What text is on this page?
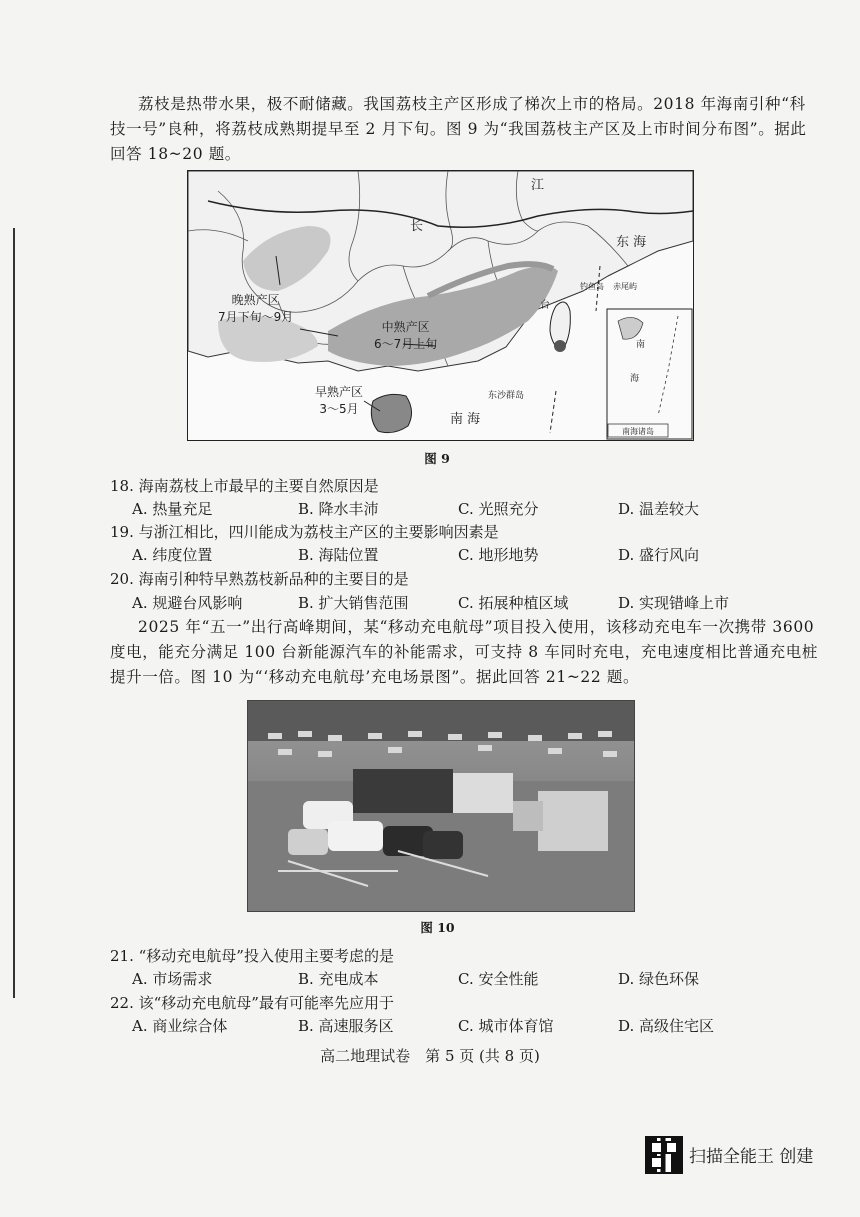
荔枝是热带水果，极不耐储藏。我国荔枝主产区形成了梯次上市的格局。2018 年海南引种“科
技一号”良种，将荔枝成熟期提早至 2 月下旬。图 9 为“我国荔枝主产区及上市时间分布图”。据此
回答 18~20 题。
长
江
东 海
南 海
东沙群岛
台
钓鱼岛 赤尾屿
晚熟产区
7月下旬～9月
中熟产区
6～7月上旬
早熟产区
3～5月
南
海
南海诸岛
图 9
18. 海南荔枝上市最早的主要自然原因是
A. 热量充足	B. 降水丰沛	C. 光照充分	D. 温差较大
19. 与浙江相比，四川能成为荔枝主产区的主要影响因素是
A. 纬度位置	B. 海陆位置	C. 地形地势	D. 盛行风向
20. 海南引种特早熟荔枝新品种的主要目的是
A. 规避台风影响	B. 扩大销售范围	C. 拓展种植区域	D. 实现错峰上市
2025 年“五一”出行高峰期间，某“移动充电航母”项目投入使用，该移动充电车一次携带 3600
度电，能充分满足 100 台新能源汽车的补能需求，可支持 8 车同时充电，充电速度相比普通充电桩
提升一倍。图 10 为“‘移动充电航母’充电场景图”。据此回答 21~22 题。
图 10
21. “移动充电航母”投入使用主要考虑的是
A. 市场需求	B. 充电成本	C. 安全性能	D. 绿色环保
22. 该“移动充电航母”最有可能率先应用于
A. 商业综合体	B. 高速服务区	C. 城市体育馆	D. 高级住宅区
高二地理试卷　第 5 页 (共 8 页)
扫描全能王 创建
